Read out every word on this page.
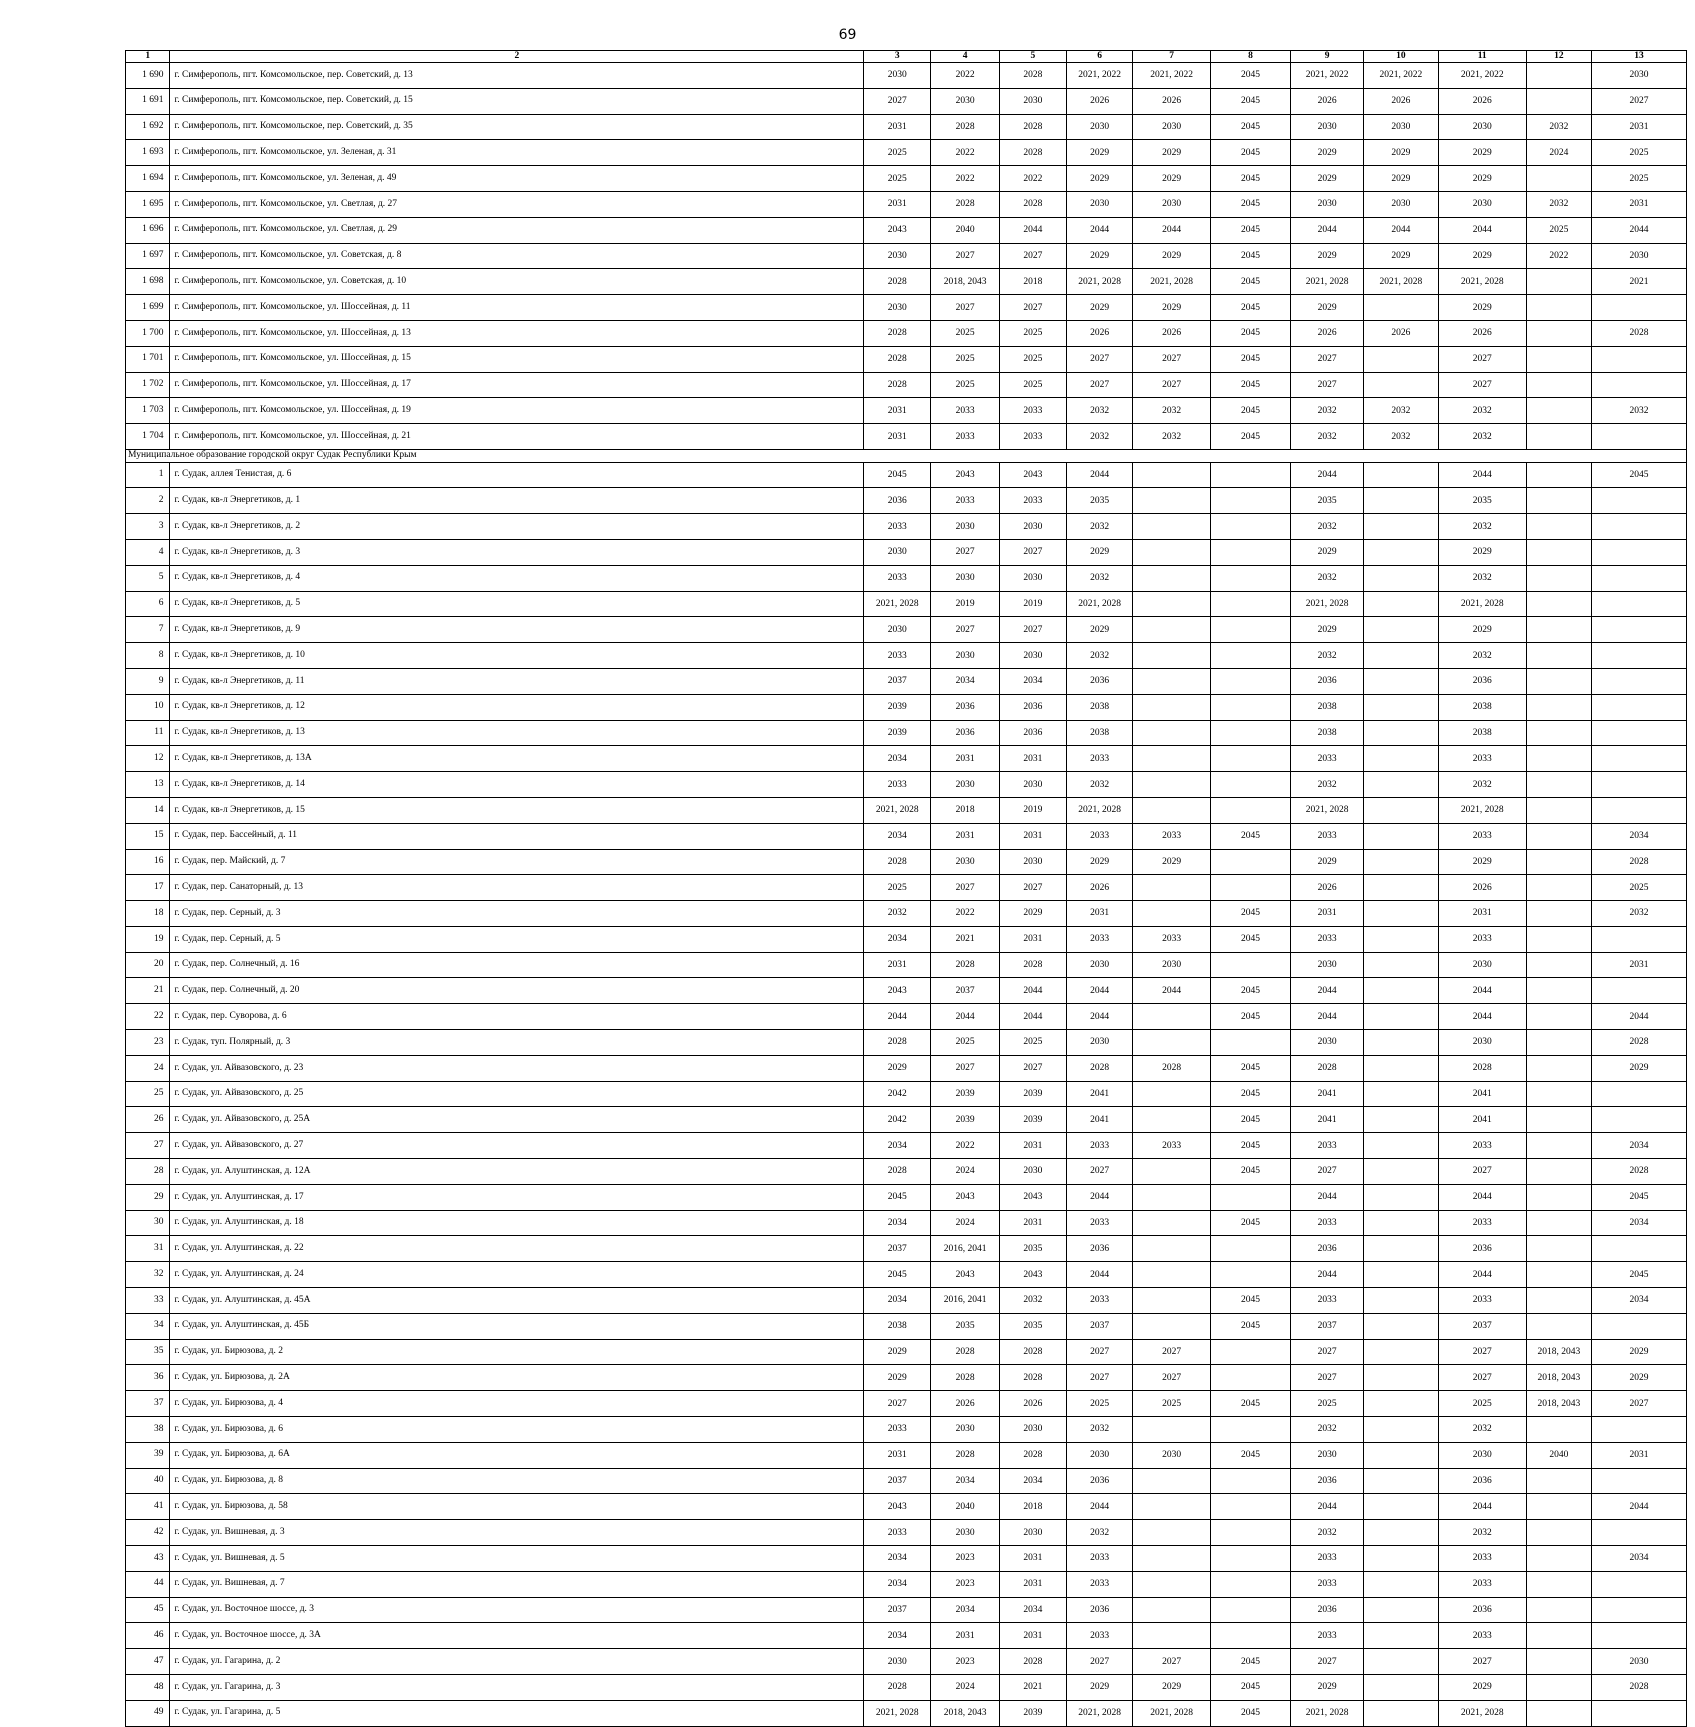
69
1	2	3	4	5	6	7	8	9	10	11	12	13
1 690	г. Симферополь, пгт. Комсомольское, пер. Советский, д. 13	2030	2022	2028	2021, 2022	2021, 2022	2045	2021, 2022	2021, 2022	2021, 2022		2030
1 691	г. Симферополь, пгт. Комсомольское, пер. Советский, д. 15	2027	2030	2030	2026	2026	2045	2026	2026	2026		2027
1 692	г. Симферополь, пгт. Комсомольское, пер. Советский, д. 35	2031	2028	2028	2030	2030	2045	2030	2030	2030	2032	2031
1 693	г. Симферополь, пгт. Комсомольское, ул. Зеленая, д. 31	2025	2022	2028	2029	2029	2045	2029	2029	2029	2024	2025
1 694	г. Симферополь, пгт. Комсомольское, ул. Зеленая, д. 49	2025	2022	2022	2029	2029	2045	2029	2029	2029		2025
1 695	г. Симферополь, пгт. Комсомольское, ул. Светлая, д. 27	2031	2028	2028	2030	2030	2045	2030	2030	2030	2032	2031
1 696	г. Симферополь, пгт. Комсомольское, ул. Светлая, д. 29	2043	2040	2044	2044	2044	2045	2044	2044	2044	2025	2044
1 697	г. Симферополь, пгт. Комсомольское, ул. Советская, д. 8	2030	2027	2027	2029	2029	2045	2029	2029	2029	2022	2030
1 698	г. Симферополь, пгт. Комсомольское, ул. Советская, д. 10	2028	2018, 2043	2018	2021, 2028	2021, 2028	2045	2021, 2028	2021, 2028	2021, 2028		2021
1 699	г. Симферополь, пгт. Комсомольское, ул. Шоссейная, д. 11	2030	2027	2027	2029	2029	2045	2029		2029		
1 700	г. Симферополь, пгт. Комсомольское, ул. Шоссейная, д. 13	2028	2025	2025	2026	2026	2045	2026	2026	2026		2028
1 701	г. Симферополь, пгт. Комсомольское, ул. Шоссейная, д. 15	2028	2025	2025	2027	2027	2045	2027		2027		
1 702	г. Симферополь, пгт. Комсомольское, ул. Шоссейная, д. 17	2028	2025	2025	2027	2027	2045	2027		2027		
1 703	г. Симферополь, пгт. Комсомольское, ул. Шоссейная, д. 19	2031	2033	2033	2032	2032	2045	2032	2032	2032		2032
1 704	г. Симферополь, пгт. Комсомольское, ул. Шоссейная, д. 21	2031	2033	2033	2032	2032	2045	2032	2032	2032		
Муниципальное образование городской округ Судак Республики Крым												
1	г. Судак, аллея Тенистая, д. 6	2045	2043	2043	2044			2044		2044		2045
2	г. Судак, кв-л Энергетиков, д. 1	2036	2033	2033	2035			2035		2035		
3	г. Судак, кв-л Энергетиков, д. 2	2033	2030	2030	2032			2032		2032		
4	г. Судак, кв-л Энергетиков, д. 3	2030	2027	2027	2029			2029		2029		
5	г. Судак, кв-л Энергетиков, д. 4	2033	2030	2030	2032			2032		2032		
6	г. Судак, кв-л Энергетиков, д. 5	2021, 2028	2019	2019	2021, 2028			2021, 2028		2021, 2028		
7	г. Судак, кв-л Энергетиков, д. 9	2030	2027	2027	2029			2029		2029		
8	г. Судак, кв-л Энергетиков, д. 10	2033	2030	2030	2032			2032		2032		
9	г. Судак, кв-л Энергетиков, д. 11	2037	2034	2034	2036			2036		2036		
10	г. Судак, кв-л Энергетиков, д. 12	2039	2036	2036	2038			2038		2038		
11	г. Судак, кв-л Энергетиков, д. 13	2039	2036	2036	2038			2038		2038		
12	г. Судак, кв-л Энергетиков, д. 13А	2034	2031	2031	2033			2033		2033		
13	г. Судак, кв-л Энергетиков, д. 14	2033	2030	2030	2032			2032		2032		
14	г. Судак, кв-л Энергетиков, д. 15	2021, 2028	2018	2019	2021, 2028			2021, 2028		2021, 2028		
15	г. Судак, пер. Бассейный, д. 11	2034	2031	2031	2033	2033	2045	2033		2033		2034
16	г. Судак, пер. Майский, д. 7	2028	2030	2030	2029	2029		2029		2029		2028
17	г. Судак, пер. Санаторный, д. 13	2025	2027	2027	2026			2026		2026		2025
18	г. Судак, пер. Серный, д. 3	2032	2022	2029	2031		2045	2031		2031		2032
19	г. Судак, пер. Серный, д. 5	2034	2021	2031	2033	2033	2045	2033		2033		
20	г. Судак, пер. Солнечный, д. 16	2031	2028	2028	2030	2030		2030		2030		2031
21	г. Судак, пер. Солнечный, д. 20	2043	2037	2044	2044	2044	2045	2044		2044		
22	г. Судак, пер. Суворова, д. 6	2044	2044	2044	2044		2045	2044		2044		2044
23	г. Судак, туп. Полярный, д. 3	2028	2025	2025	2030			2030		2030		2028
24	г. Судак, ул. Айвазовского, д. 23	2029	2027	2027	2028	2028	2045	2028		2028		2029
25	г. Судак, ул. Айвазовского, д. 25	2042	2039	2039	2041		2045	2041		2041		
26	г. Судак, ул. Айвазовского, д. 25А	2042	2039	2039	2041		2045	2041		2041		
27	г. Судак, ул. Айвазовского, д. 27	2034	2022	2031	2033	2033	2045	2033		2033		2034
28	г. Судак, ул. Алуштинская, д. 12А	2028	2024	2030	2027		2045	2027		2027		2028
29	г. Судак, ул. Алуштинская, д. 17	2045	2043	2043	2044			2044		2044		2045
30	г. Судак, ул. Алуштинская, д. 18	2034	2024	2031	2033		2045	2033		2033		2034
31	г. Судак, ул. Алуштинская, д. 22	2037	2016, 2041	2035	2036			2036		2036		
32	г. Судак, ул. Алуштинская, д. 24	2045	2043	2043	2044			2044		2044		2045
33	г. Судак, ул. Алуштинская, д. 45А	2034	2016, 2041	2032	2033		2045	2033		2033		2034
34	г. Судак, ул. Алуштинская, д. 45Б	2038	2035	2035	2037		2045	2037		2037		
35	г. Судак, ул. Бирюзова, д. 2	2029	2028	2028	2027	2027		2027		2027	2018, 2043	2029
36	г. Судак, ул. Бирюзова, д. 2А	2029	2028	2028	2027	2027		2027		2027	2018, 2043	2029
37	г. Судак, ул. Бирюзова, д. 4	2027	2026	2026	2025	2025	2045	2025		2025	2018, 2043	2027
38	г. Судак, ул. Бирюзова, д. 6	2033	2030	2030	2032			2032		2032		
39	г. Судак, ул. Бирюзова, д. 6А	2031	2028	2028	2030	2030	2045	2030		2030	2040	2031
40	г. Судак, ул. Бирюзова, д. 8	2037	2034	2034	2036			2036		2036		
41	г. Судак, ул. Бирюзова, д. 58	2043	2040	2018	2044			2044		2044		2044
42	г. Судак, ул. Вишневая, д. 3	2033	2030	2030	2032			2032		2032		
43	г. Судак, ул. Вишневая, д. 5	2034	2023	2031	2033			2033		2033		2034
44	г. Судак, ул. Вишневая, д. 7	2034	2023	2031	2033			2033		2033		
45	г. Судак, ул. Восточное шоссе, д. 3	2037	2034	2034	2036			2036		2036		
46	г. Судак, ул. Восточное шоссе, д. 3А	2034	2031	2031	2033			2033		2033		
47	г. Судак, ул. Гагарина, д. 2	2030	2023	2028	2027	2027	2045	2027		2027		2030
48	г. Судак, ул. Гагарина, д. 3	2028	2024	2021	2029	2029	2045	2029		2029		2028
49	г. Судак, ул. Гагарина, д. 5	2021, 2028	2018, 2043	2039	2021, 2028	2021, 2028	2045	2021, 2028		2021, 2028		
